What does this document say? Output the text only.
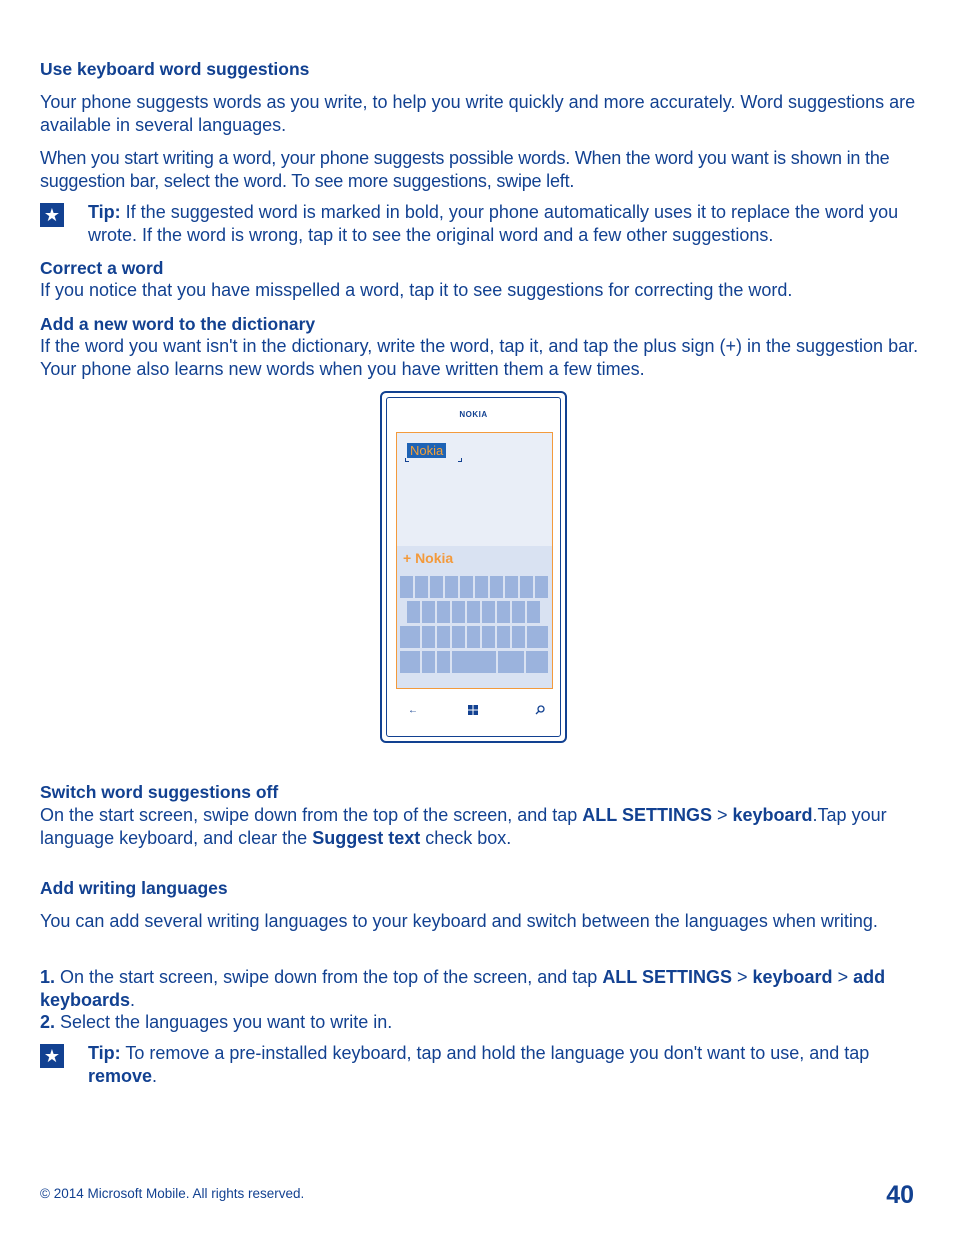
Use keyboard word suggestions

Your phone suggests words as you write, to help you write quickly and more accurately. Word suggestions are available in several languages.

When you start writing a word, your phone suggests possible words. When the word you want is shown in the suggestion bar, select the word. To see more suggestions, swipe left.

★ Tip: If the suggested word is marked in bold, your phone automatically uses it to replace the word you wrote. If the word is wrong, tap it to see the original word and a few other suggestions.

Correct a word

If you notice that you have misspelled a word, tap it to see suggestions for correcting the word.

Add a new word to the dictionary

If the word you want isn't in the dictionary, write the word, tap it, and tap the plus sign (+) in the suggestion bar. Your phone also learns new words when you have written them a few times.

NOKIA
←
Nokia
+ Nokia
Switch word suggestions off

On the start screen, swipe down from the top of the screen, and tap ALL SETTINGS > keyboard.Tap your language keyboard, and clear the Suggest text check box.

Add writing languages

You can add several writing languages to your keyboard and switch between the languages when writing.

1. On the start screen, swipe down from the top of the screen, and tap ALL SETTINGS > keyboard > add keyboards.

2. Select the languages you want to write in.

★ Tip: To remove a pre-installed keyboard, tap and hold the language you don't want to use, and tap remove.

© 2014 Microsoft Mobile. All rights reserved.	40
